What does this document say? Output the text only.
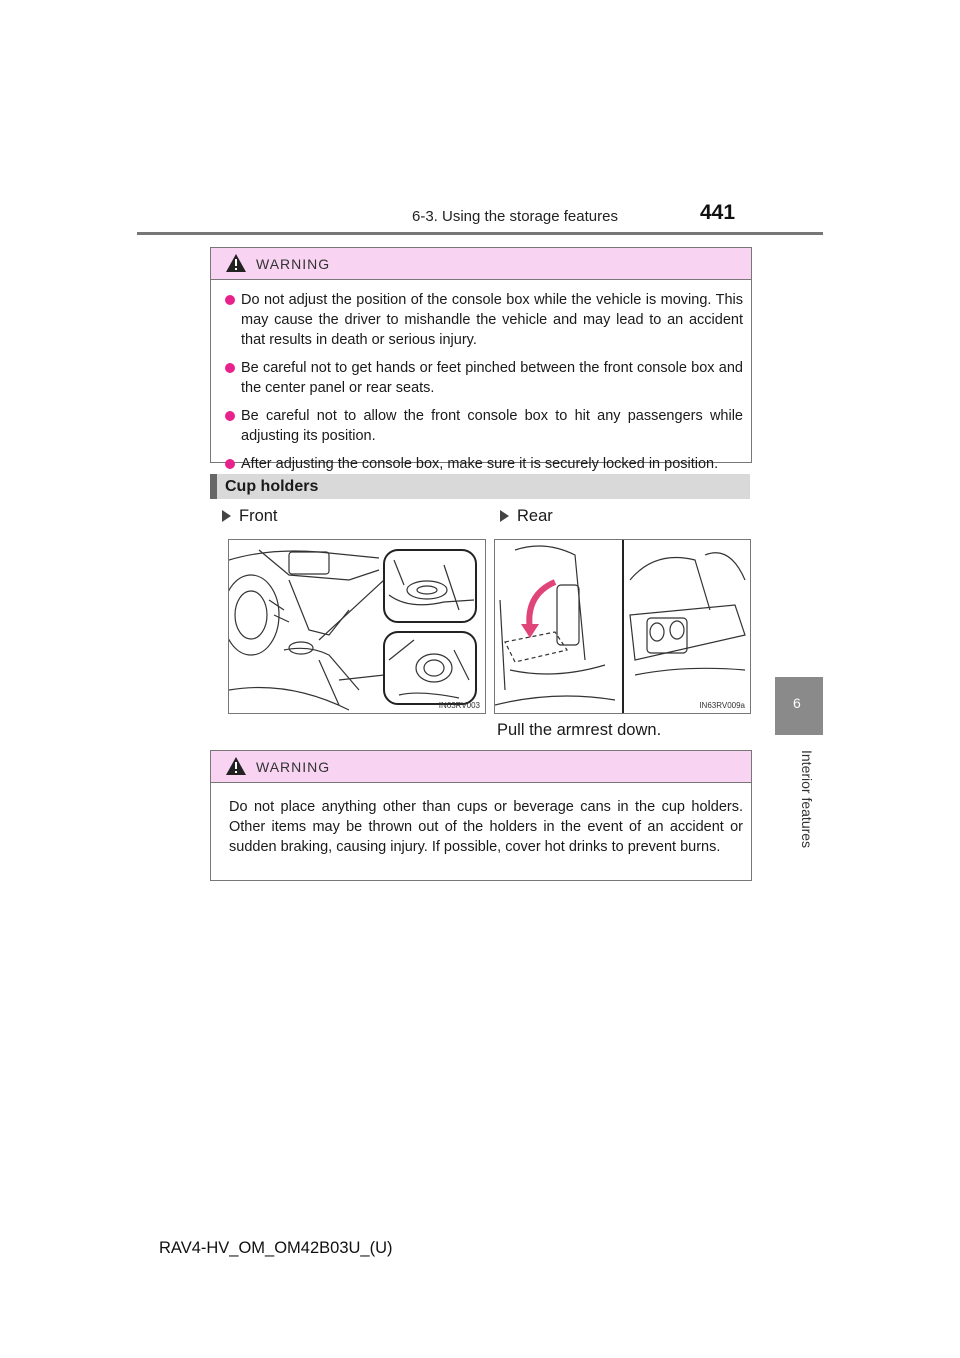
6-3. Using the storage features	441
6
Interior features
WARNING
Do not adjust the position of the console box while the vehicle is moving. This may cause the driver to mishandle the vehicle and may lead to an accident that results in death or serious injury.
Be careful not to get hands or feet pinched between the front console box and the center panel or rear seats.
Be careful not to allow the front console box to hit any passengers while adjusting its position.
After adjusting the console box, make sure it is securely locked in position.
Cup holders
Front	Rear
IN63RV003	IN63RV009a
Pull the armrest down.
WARNING
Do not place anything other than cups or beverage cans in the cup holders. Other items may be thrown out of the holders in the event of an accident or sudden braking, causing injury. If possible, cover hot drinks to prevent burns.
RAV4-HV_OM_OM42B03U_(U)
